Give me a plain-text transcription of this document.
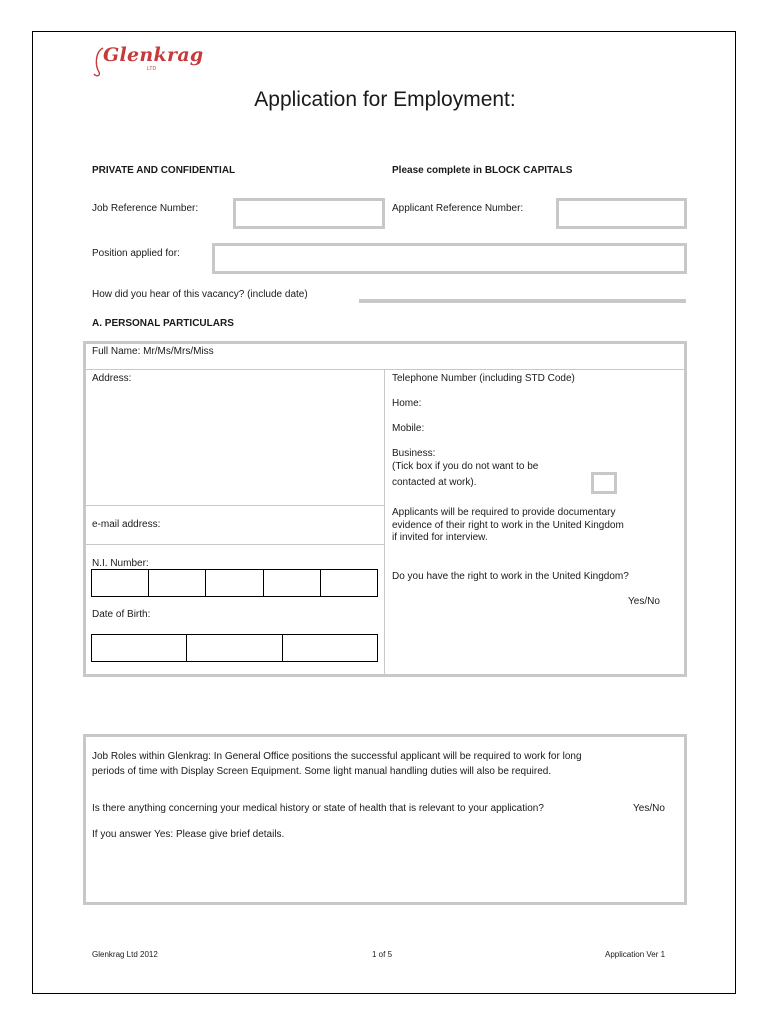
Glenkrag
LTD
Application for Employment:
PRIVATE AND CONFIDENTIAL	Please complete in BLOCK CAPITALS
Job Reference Number:	Applicant Reference Number:
Position applied for:
How did you hear of this vacancy? (include date)
A. PERSONAL PARTICULARS
Full Name: Mr/Ms/Mrs/Miss
Address:	Telephone Number (including STD Code)
Home:
Mobile:
Business:
(Tick box if you do not want to be
contacted at work).
e-mail address:
Applicants will be required to provide documentary
evidence of their right to work in the United Kingdom
if invited for interview.
N.I. Number:
Do you have the right to work in the United Kingdom?
Yes/No
Date of Birth:
Job Roles within Glenkrag: In General Office positions the successful applicant will be required to work for long
periods of time with Display Screen Equipment. Some light manual handling duties will also be required.
Is there anything concerning your medical history or state of health that is relevant to your application?	Yes/No
If you answer Yes: Please give brief details.
Glenkrag Ltd 2012	1 of 5	Application Ver 1
